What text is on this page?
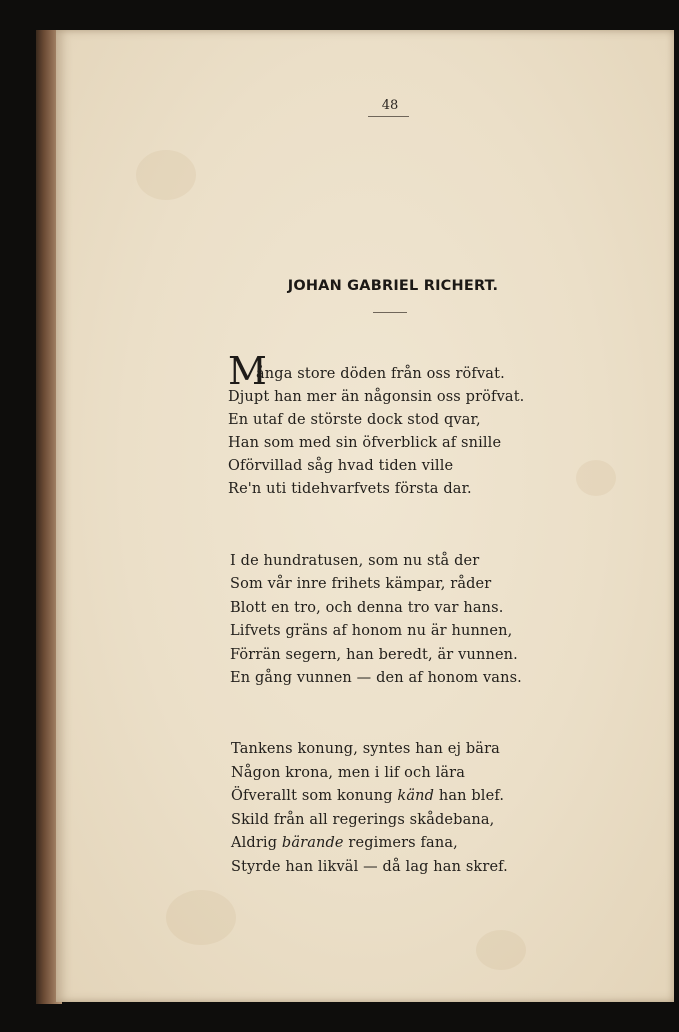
48
JOHAN GABRIEL RICHERT.
M
ånga store döden från oss röfvat.
Djupt han mer än någonsin oss pröfvat.
En utaf de störste dock stod qvar,
Han som med sin öfverblick af snille
Oförvillad såg hvad tiden ville
Re'n uti tidehvarfvets första dar.
I de hundratusen, som nu stå der
Som vår inre frihets kämpar, råder
Blott en tro, och denna tro var hans.
Lifvets gräns af honom nu är hunnen,
Förrän segern, han beredt, är vunnen.
En gång vunnen — den af honom vans.
Tankens konung, syntes han ej bära
Någon krona, men i lif och lära
Öfverallt som konung känd han blef.
Skild från all regerings skådebana,
Aldrig bärande regimers fana,
Styrde han likväl — då lag han skref.
